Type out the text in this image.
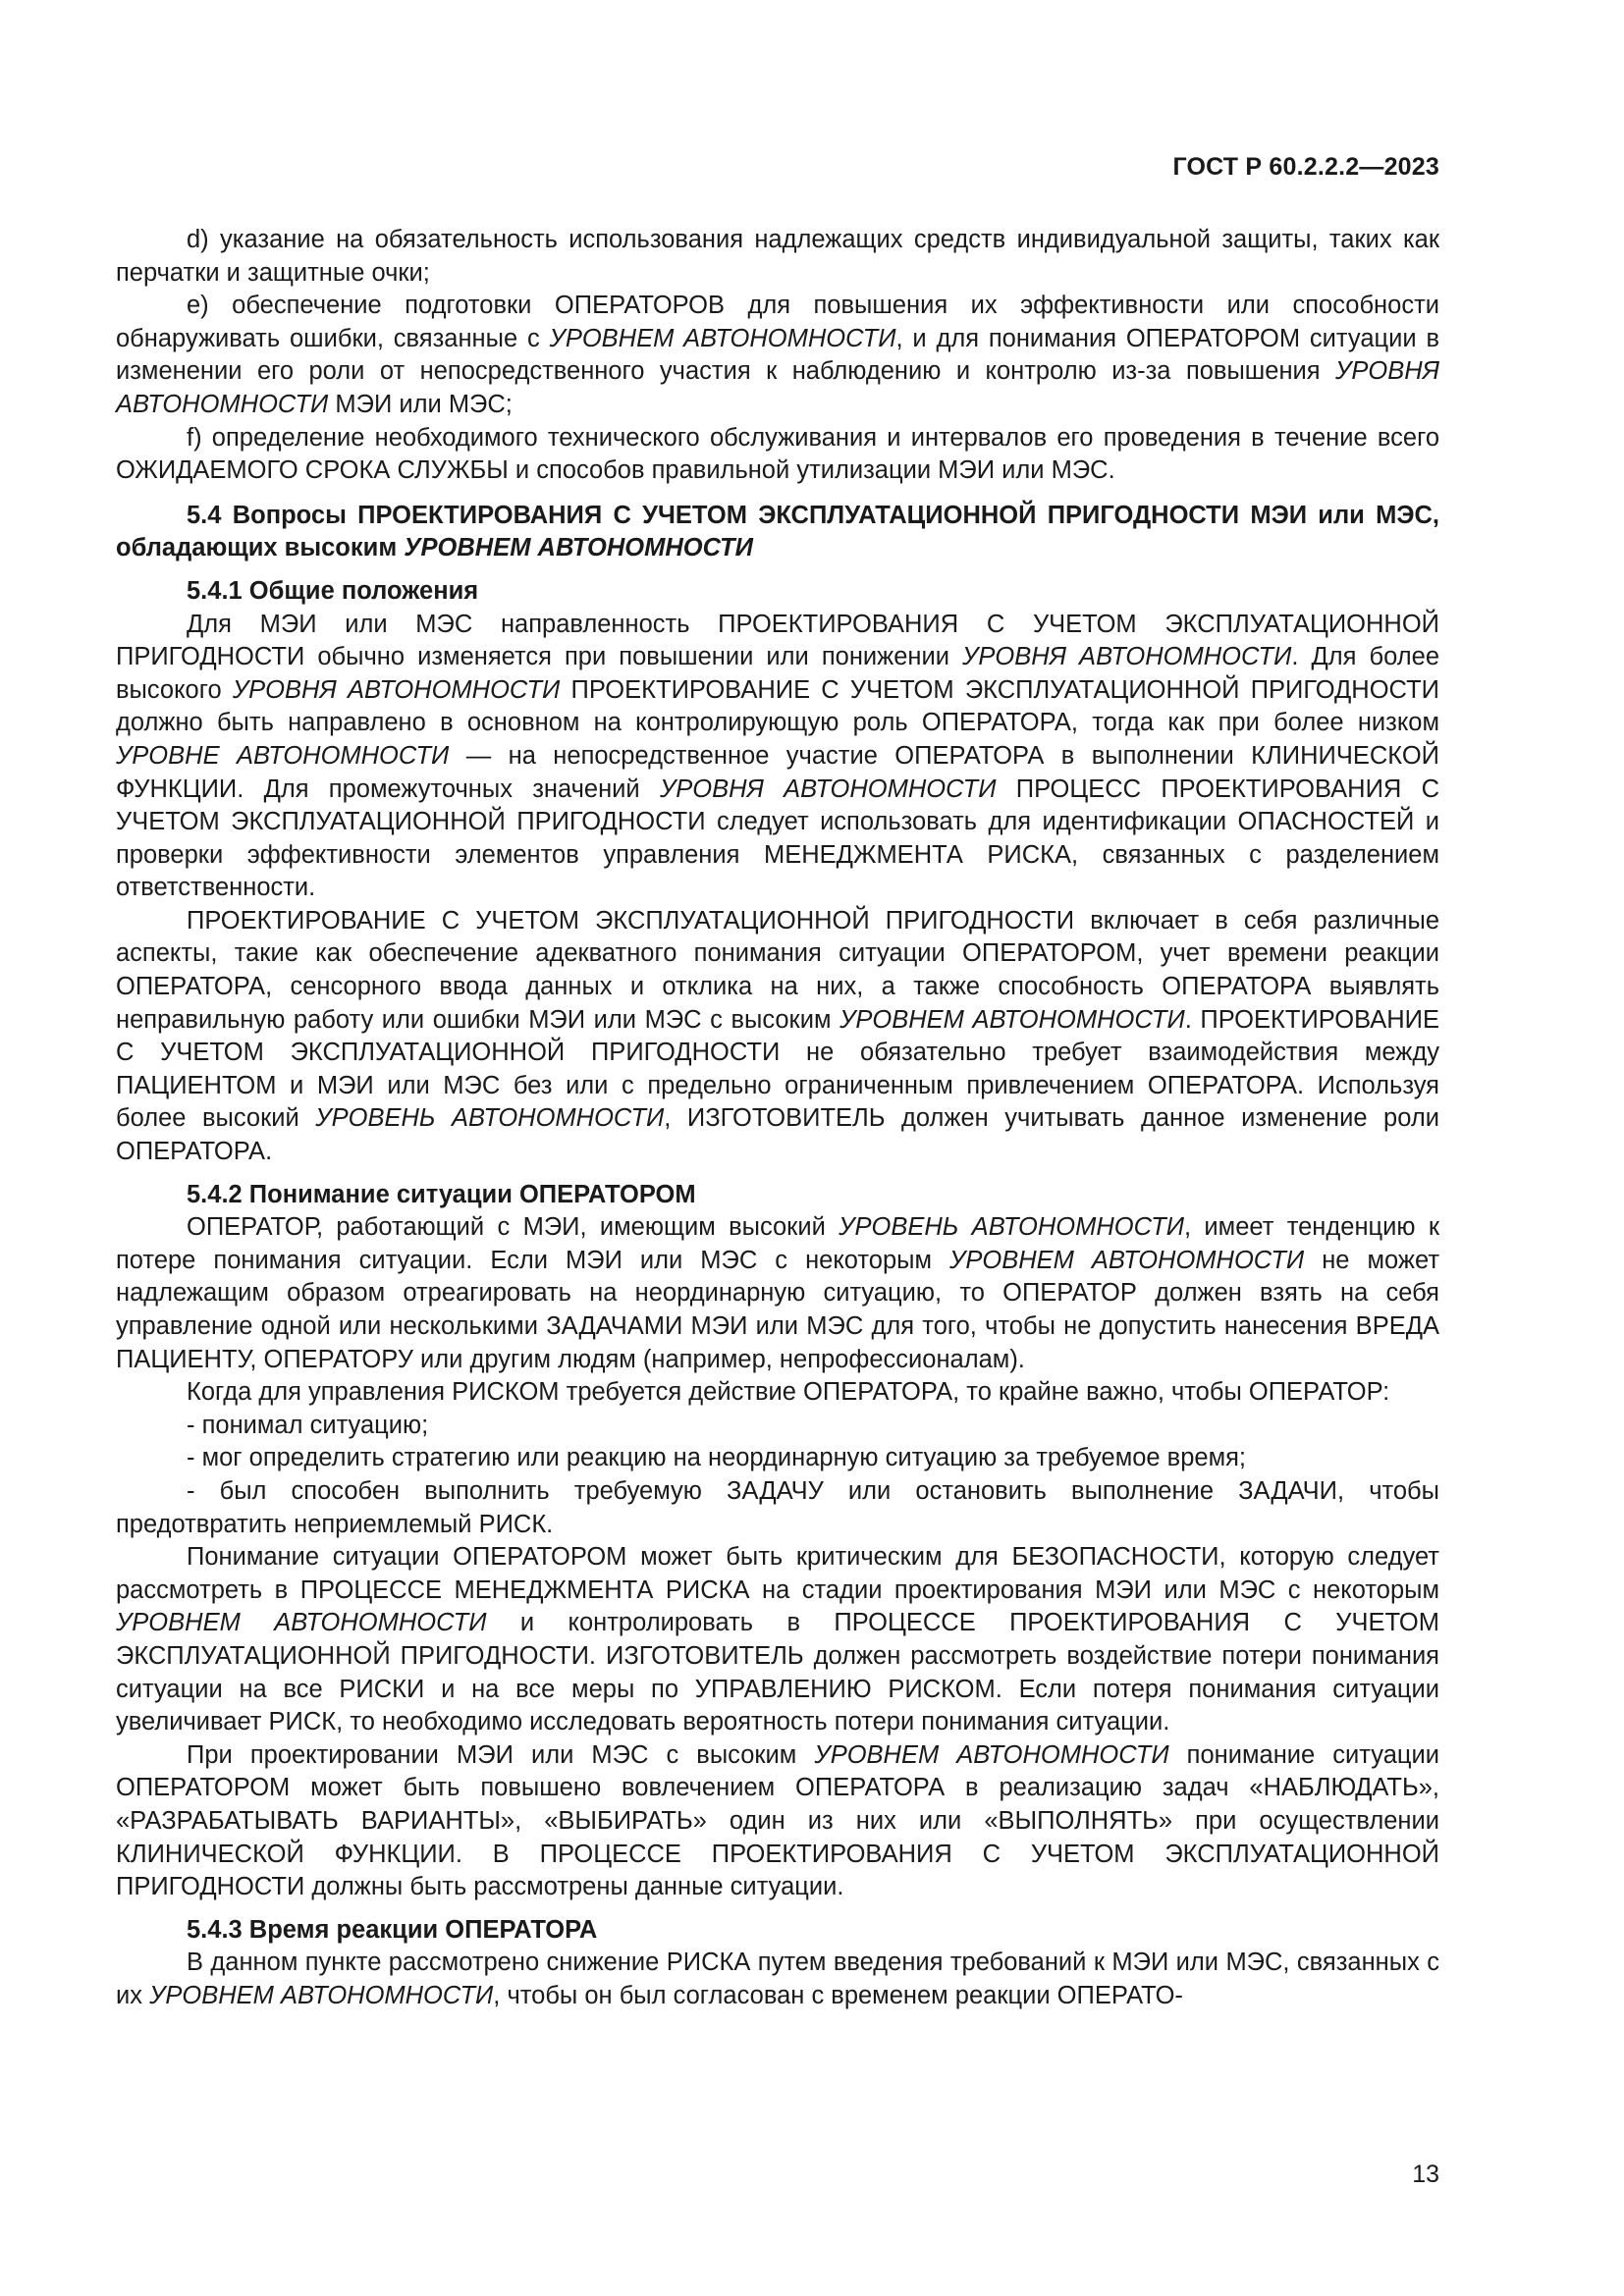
ГОСТ Р 60.2.2.2—2023

d) указание на обязательность использования надлежащих средств индивидуальной защиты, таких как перчатки и защитные очки;

e) обеспечение подготовки ОПЕРАТОРОВ для повышения их эффективности или способности обнаруживать ошибки, связанные с УРОВНЕМ АВТОНОМНОСТИ, и для понимания ОПЕРАТОРОМ ситуации в изменении его роли от непосредственного участия к наблюдению и контролю из-за повышения УРОВНЯ АВТОНОМНОСТИ МЭИ или МЭС;

f) определение необходимого технического обслуживания и интервалов его проведения в течение всего ОЖИДАЕМОГО СРОКА СЛУЖБЫ и способов правильной утилизации МЭИ или МЭС.

5.4 Вопросы ПРОЕКТИРОВАНИЯ С УЧЕТОМ ЭКСПЛУАТАЦИОННОЙ ПРИГОДНОСТИ МЭИ или МЭС, обладающих высоким УРОВНЕМ АВТОНОМНОСТИ

5.4.1 Общие положения

Для МЭИ или МЭС направленность ПРОЕКТИРОВАНИЯ С УЧЕТОМ ЭКСПЛУАТАЦИОННОЙ ПРИГОДНОСТИ обычно изменяется при повышении или понижении УРОВНЯ АВТОНОМНОСТИ. Для более высокого УРОВНЯ АВТОНОМНОСТИ ПРОЕКТИРОВАНИЕ С УЧЕТОМ ЭКСПЛУАТАЦИОННОЙ ПРИГОДНОСТИ должно быть направлено в основном на контролирующую роль ОПЕРАТОРА, тогда как при более низком УРОВНЕ АВТОНОМНОСТИ — на непосредственное участие ОПЕРАТОРА в выполнении КЛИНИЧЕСКОЙ ФУНКЦИИ. Для промежуточных значений УРОВНЯ АВТОНОМНОСТИ ПРОЦЕСС ПРОЕКТИРОВАНИЯ С УЧЕТОМ ЭКСПЛУАТАЦИОННОЙ ПРИГОДНОСТИ следует использовать для идентификации ОПАСНОСТЕЙ и проверки эффективности элементов управления МЕНЕДЖМЕНТА РИСКА, связанных с разделением ответственности.

ПРОЕКТИРОВАНИЕ С УЧЕТОМ ЭКСПЛУАТАЦИОННОЙ ПРИГОДНОСТИ включает в себя различные аспекты, такие как обеспечение адекватного понимания ситуации ОПЕРАТОРОМ, учет времени реакции ОПЕРАТОРА, сенсорного ввода данных и отклика на них, а также способность ОПЕРАТОРА выявлять неправильную работу или ошибки МЭИ или МЭС с высоким УРОВНЕМ АВТОНОМНОСТИ. ПРОЕКТИРОВАНИЕ С УЧЕТОМ ЭКСПЛУАТАЦИОННОЙ ПРИГОДНОСТИ не обязательно требует взаимодействия между ПАЦИЕНТОМ и МЭИ или МЭС без или с предельно ограниченным привлечением ОПЕРАТОРА. Используя более высокий УРОВЕНЬ АВТОНОМНОСТИ, ИЗГОТОВИТЕЛЬ должен учитывать данное изменение роли ОПЕРАТОРА.

5.4.2 Понимание ситуации ОПЕРАТОРОМ

ОПЕРАТОР, работающий с МЭИ, имеющим высокий УРОВЕНЬ АВТОНОМНОСТИ, имеет тенденцию к потере понимания ситуации. Если МЭИ или МЭС с некоторым УРОВНЕМ АВТОНОМНОСТИ не может надлежащим образом отреагировать на неординарную ситуацию, то ОПЕРАТОР должен взять на себя управление одной или несколькими ЗАДАЧАМИ МЭИ или МЭС для того, чтобы не допустить нанесения ВРЕДА ПАЦИЕНТУ, ОПЕРАТОРУ или другим людям (например, непрофессионалам).

Когда для управления РИСКОМ требуется действие ОПЕРАТОРА, то крайне важно, чтобы ОПЕРАТОР:

- понимал ситуацию;

- мог определить стратегию или реакцию на неординарную ситуацию за требуемое время;

- был способен выполнить требуемую ЗАДАЧУ или остановить выполнение ЗАДАЧИ, чтобы предотвратить неприемлемый РИСК.

Понимание ситуации ОПЕРАТОРОМ может быть критическим для БЕЗОПАСНОСТИ, которую следует рассмотреть в ПРОЦЕССЕ МЕНЕДЖМЕНТА РИСКА на стадии проектирования МЭИ или МЭС с некоторым УРОВНЕМ АВТОНОМНОСТИ и контролировать в ПРОЦЕССЕ ПРОЕКТИРОВАНИЯ С УЧЕТОМ ЭКСПЛУАТАЦИОННОЙ ПРИГОДНОСТИ. ИЗГОТОВИТЕЛЬ должен рассмотреть воздействие потери понимания ситуации на все РИСКИ и на все меры по УПРАВЛЕНИЮ РИСКОМ. Если потеря понимания ситуации увеличивает РИСК, то необходимо исследовать вероятность потери понимания ситуации.

При проектировании МЭИ или МЭС с высоким УРОВНЕМ АВТОНОМНОСТИ понимание ситуации ОПЕРАТОРОМ может быть повышено вовлечением ОПЕРАТОРА в реализацию задач «НАБЛЮДАТЬ», «РАЗРАБАТЫВАТЬ ВАРИАНТЫ», «ВЫБИРАТЬ» один из них или «ВЫПОЛНЯТЬ» при осуществлении КЛИНИЧЕСКОЙ ФУНКЦИИ. В ПРОЦЕССЕ ПРОЕКТИРОВАНИЯ С УЧЕТОМ ЭКСПЛУАТАЦИОННОЙ ПРИГОДНОСТИ должны быть рассмотрены данные ситуации.

5.4.3 Время реакции ОПЕРАТОРА

В данном пункте рассмотрено снижение РИСКА путем введения требований к МЭИ или МЭС, связанных с их УРОВНЕМ АВТОНОМНОСТИ, чтобы он был согласован с временем реакции ОПЕРАТО-

13
